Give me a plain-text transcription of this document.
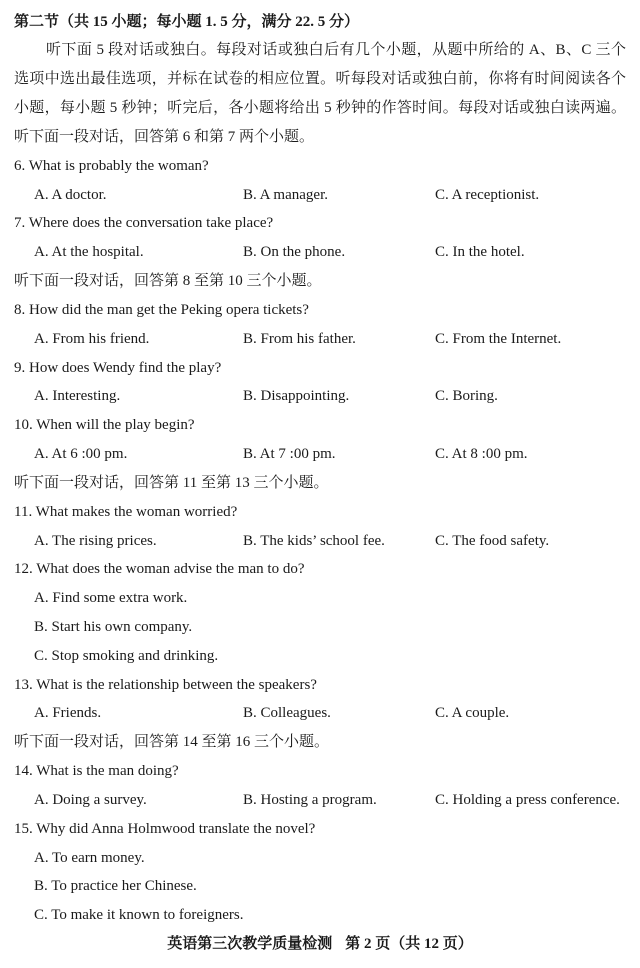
第二节（共 15 小题；每小题 1. 5 分，满分 22. 5 分）
听下面 5 段对话或独白。每段对话或独白后有几个小题，从题中所给的 A、B、C 三个
选项中选出最佳选项，并标在试卷的相应位置。听每段对话或独白前，你将有时间阅读各个
小题，每小题 5 秒钟；听完后，各小题将给出 5 秒钟的作答时间。每段对话或独白读两遍。
听下面一段对话，回答第 6 和第 7 两个小题。
6. What is probably the woman?
A. A doctor.	B. A manager.	C. A receptionist.
7. Where does the conversation take place?
A. At the hospital.	B. On the phone.	C. In the hotel.
听下面一段对话，回答第 8 至第 10 三个小题。
8. How did the man get the Peking opera tickets?
A. From his friend.	B. From his father.	C. From the Internet.
9. How does Wendy find the play?
A. Interesting.	B. Disappointing.	C. Boring.
10. When will the play begin?
A. At 6 :00 pm.	B. At 7 :00 pm.	C. At 8 :00 pm.
听下面一段对话，回答第 11 至第 13 三个小题。
11. What makes the woman worried?
A. The rising prices.	B. The kids’ school fee.	C. The food safety.
12. What does the woman advise the man to do?
A. Find some extra work.
B. Start his own company.
C. Stop smoking and drinking.
13. What is the relationship between the speakers?
A. Friends.	B. Colleagues.	C. A couple.
听下面一段对话，回答第 14 至第 16 三个小题。
14. What is the man doing?
A. Doing a survey.	B. Hosting a program.	C. Holding a press conference.
15. Why did Anna Holmwood translate the novel?
A. To earn money.
B. To practice her Chinese.
C. To make it known to foreigners.
英语第三次教学质量检测 第 2 页（共 12 页）
